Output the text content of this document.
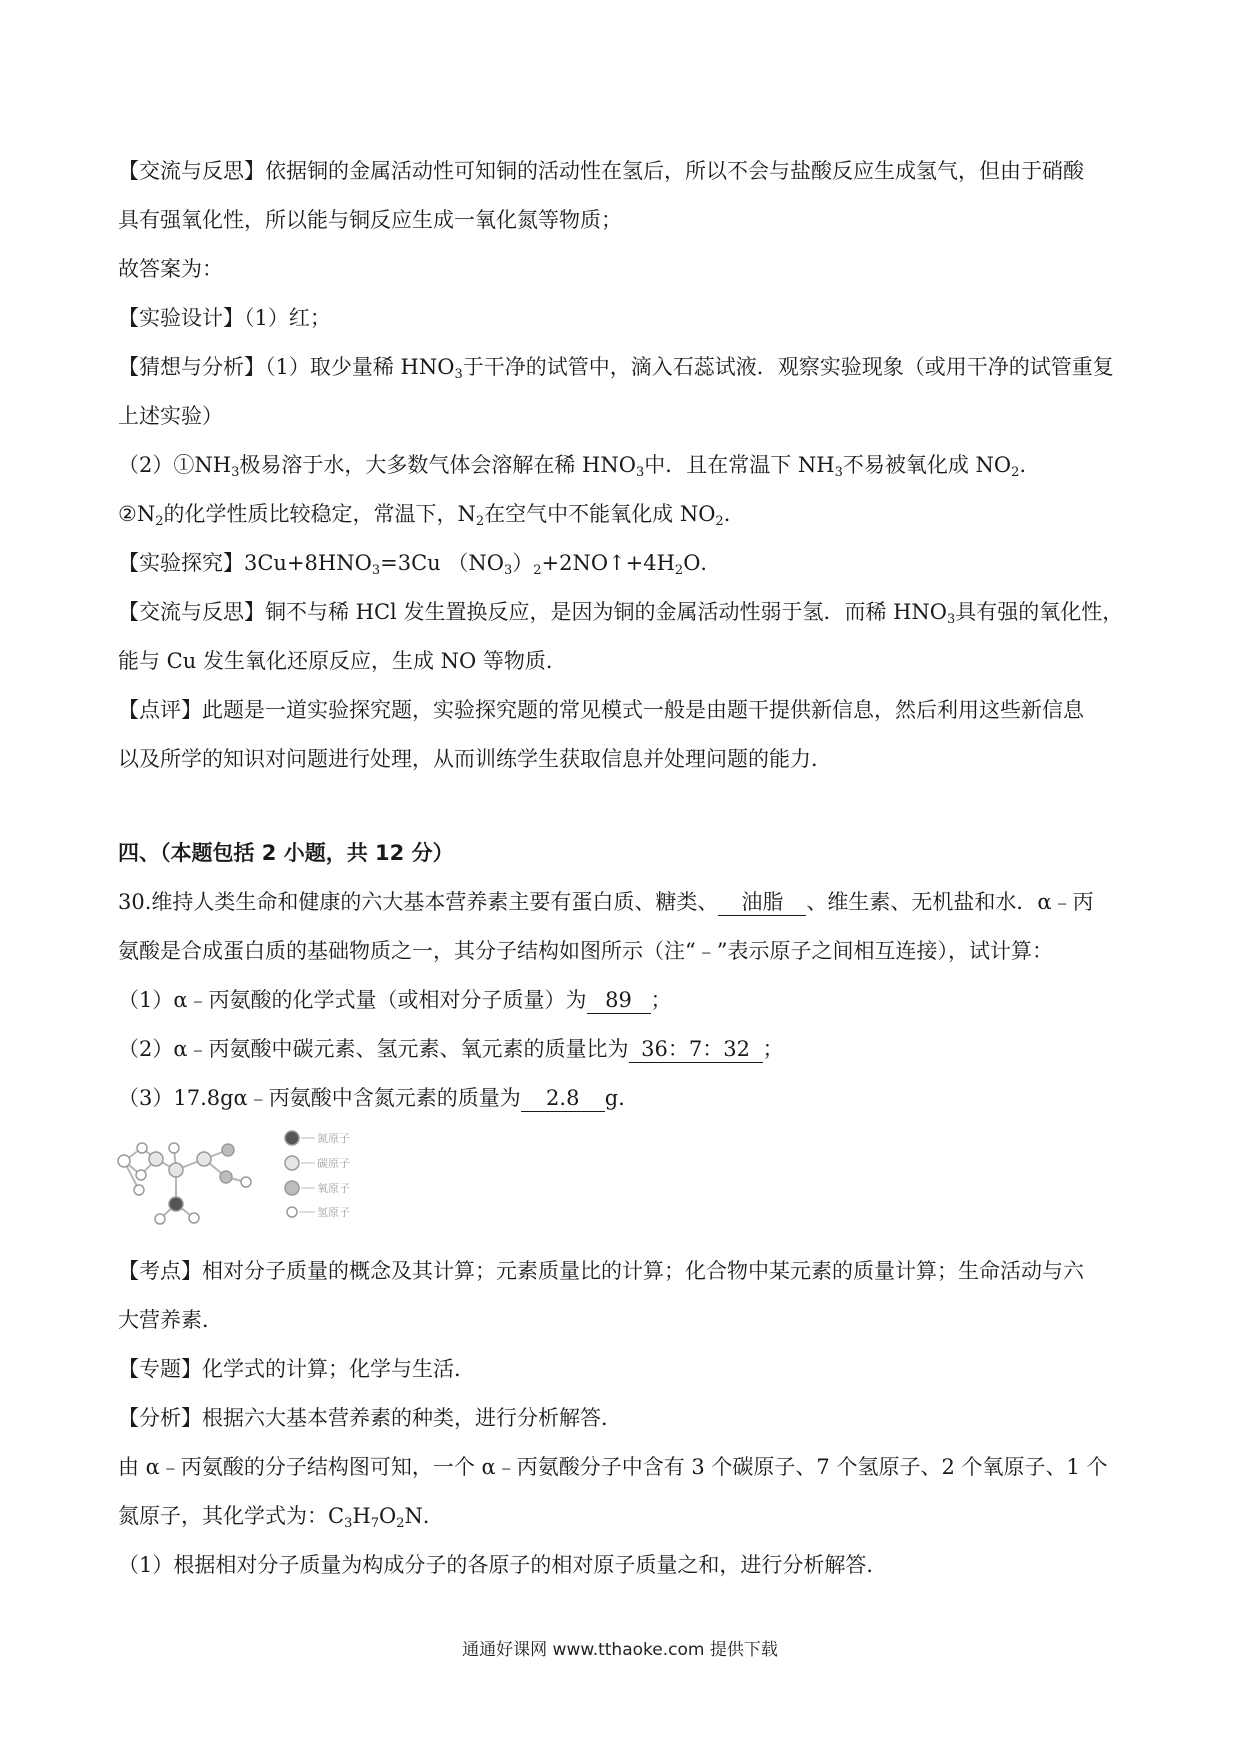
【交流与反思】依据铜的金属活动性可知铜的活动性在氢后，所以不会与盐酸反应生成氢气，但由于硝酸
具有强氧化性，所以能与铜反应生成一氧化氮等物质；
故答案为：
【实验设计】（1）红；
【猜想与分析】（1）取少量稀 $HNO_3$于干净的试管中，滴入石蕊试液．观察实验现象（或用干净的试管重复
上述实验）
$(2)①NH_3$极易溶于水，大多数气体会溶解在稀 $HNO_3$中．且在常温下 $NH_3$不易被氧化成 $NO_2$．
$②N_2$的化学性质比较稳定，常温下，$N_2$在空气中不能氧化成 $NO_2$．
【实验探究】$3Cu+8HNO_3=3Cu$ $(NO_3)_2+2NO↑+4H_2O$．
【交流与反思】铜不与稀 HCl 发生置换反应，是因为铜的金属活动性弱于氢．而稀 $HNO_3$具有强的氧化性，
能与 Cu 发生氧化还原反应，生成 NO 等物质．
【点评】此题是一道实验探究题，实验探究题的常见模式一般是由题干提供新信息，然后利用这些新信息
以及所学的知识对问题进行处理，从而训练学生获取信息并处理问题的能力．
四、（本题包括 2 小题，共 12 分）
30.维持人类生命和健康的六大基本营养素主要有蛋白质、糖类、 油脂 、维生素、无机盐和水．α﹣丙
氨酸是合成蛋白质的基础物质之一，其分子结构如图所示（注“﹣”表示原子之间相互连接），试计算：
（1）α﹣丙氨酸的化学式量（或相对分子质量）为 89 ；
（2）α﹣丙氨酸中碳元素、氢元素、氧元素的质量比为 36：7：32 ；
（3）17.8gα﹣丙氨酸中含氮元素的质量为 2.8 g．
氮原子
碳原子
氧原子
氢原子
【考点】相对分子质量的概念及其计算；元素质量比的计算；化合物中某元素的质量计算；生命活动与六
大营养素．
【专题】化学式的计算；化学与生活．
【分析】根据六大基本营养素的种类，进行分析解答．
由 α﹣丙氨酸的分子结构图可知，一个 α﹣丙氨酸分子中含有 3 个碳原子、7 个氢原子、2 个氧原子、1 个
氮原子，其化学式为：$C_3H_7O_2N$．
（1）根据相对分子质量为构成分子的各原子的相对原子质量之和，进行分析解答．
通通好课网 www.tthaoke.com 提供下载
